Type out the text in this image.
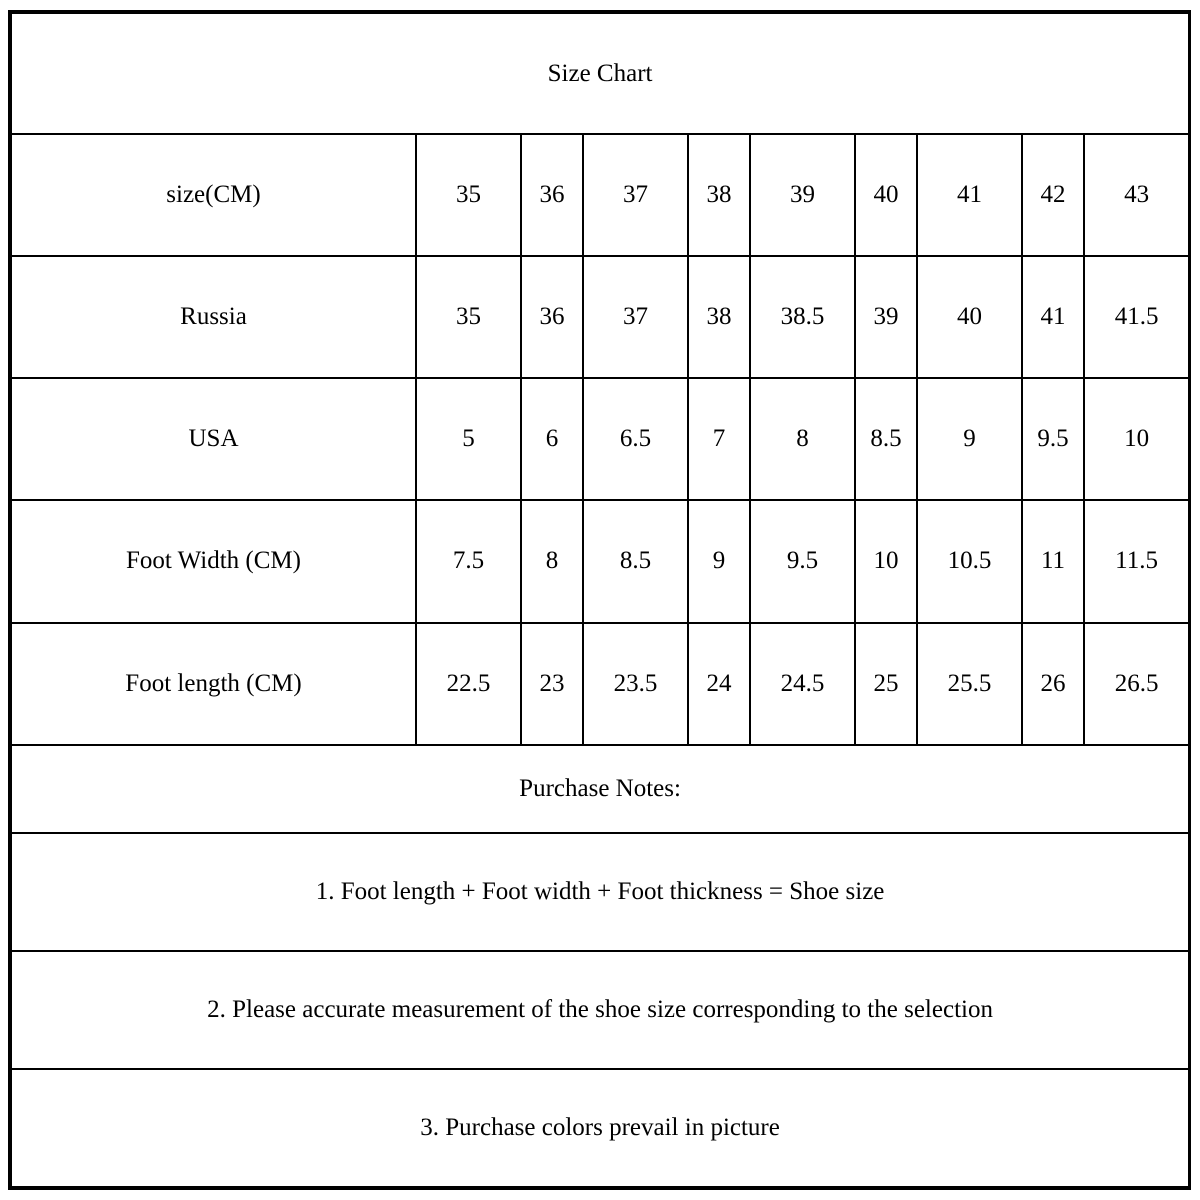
Size Chart									
size(CM)	35	36	37	38	39	40	41	42	43
Russia	35	36	37	38	38.5	39	40	41	41.5
USA	5	6	6.5	7	8	8.5	9	9.5	10
Foot Width (CM)	7.5	8	8.5	9	9.5	10	10.5	11	11.5
Foot length (CM)	22.5	23	23.5	24	24.5	25	25.5	26	26.5
Purchase Notes:									
1. Foot length + Foot width + Foot thickness = Shoe size									
2. Please accurate measurement of the shoe size corresponding to the selection									
3. Purchase colors prevail in picture									
